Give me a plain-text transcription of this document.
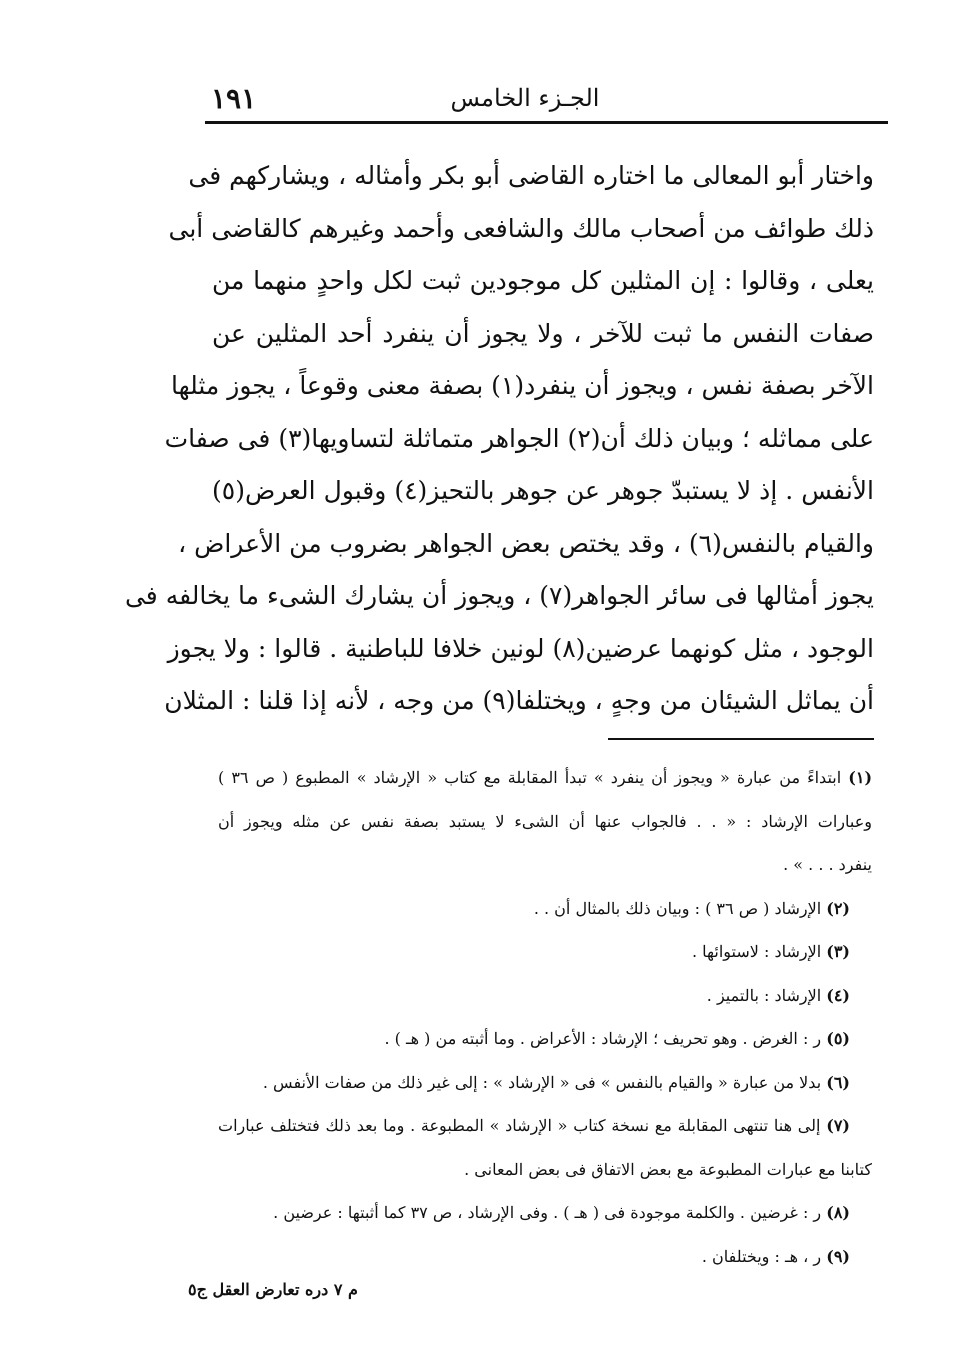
١٩١	الجـزء الخامس
واختار أبو المعالى ما اختاره القاضى أبو بكر وأمثاله ، ويشاركهم فى
ذلك طوائف من أصحاب مالك والشافعى وأحمد وغيرهم كالقاضى أبى
يعلى ، وقالوا : إن المثلين كل موجودين ثبت لكل واحدٍ منهما من
صفات النفس ما ثبت للآخر ، ولا يجوز أن ينفرد أحد المثلين عن
الآخر بصفة نفس ، ويجوز أن ينفرد(١) بصفة معنى وقوعاً ، يجوز مثلها
على مماثله ؛ وبيان ذلك أن(٢) الجواهر متماثلة لتساويها(٣) فى صفات
الأنفس . إذ لا يستبدّ جوهر عن جوهر بالتحيز(٤) وقبول العرض(٥)
والقيام بالنفس(٦) ، وقد يختص بعض الجواهر بضروب من الأعراض ،
يجوز أمثالها فى سائر الجواهر(٧) ، ويجوز أن يشارك الشىء ما يخالفه فى
الوجود ، مثل كونهما عرضين(٨) لونين خلافا للباطنية . قالوا : ولا يجوز
أن يماثل الشيئان من وجهٍ ، ويختلفا(٩) من وجه ، لأنه إذا قلنا : المثلان
(١) ابتداءً من عبارة « ويجوز أن ينفرد » تبدأ المقابلة مع كتاب « الإرشاد » المطبوع ( ص ٣٦ )
وعبارات الإرشاد : « . . فالجواب عنها أن الشىء لا يستبد بصفة نفس عن مثله ويجوز أن
ينفرد . . . » .
(٢) الإرشاد ( ص ٣٦ ) : وبيان ذلك بالمثال أن . .
(٣) الإرشاد : لاستوائها .
(٤) الإرشاد : بالتميز .
(٥) ر : الغرض . وهو تحريف ؛ الإرشاد : الأعراض . وما أثبته من ( هـ ) .
(٦) بدلا من عبارة « والقيام بالنفس » فى « الإرشاد » : إلى غير ذلك من صفات الأنفس .
(٧) إلى هنا تنتهى المقابلة مع نسخة كتاب « الإرشاد » المطبوعة . وما بعد ذلك فتختلف عبارات
كتابنا مع عبارات المطبوعة مع بعض الاتفاق فى بعض المعانى .
(٨) ر : غرضين . والكلمة موجودة فى ( هـ ) . وفى الإرشاد ، ص ٣٧ كما أثبتها : عرضين .
(٩) ر ، هـ : ويختلفان .
م ٧ دره تعارض العقل ج٥
